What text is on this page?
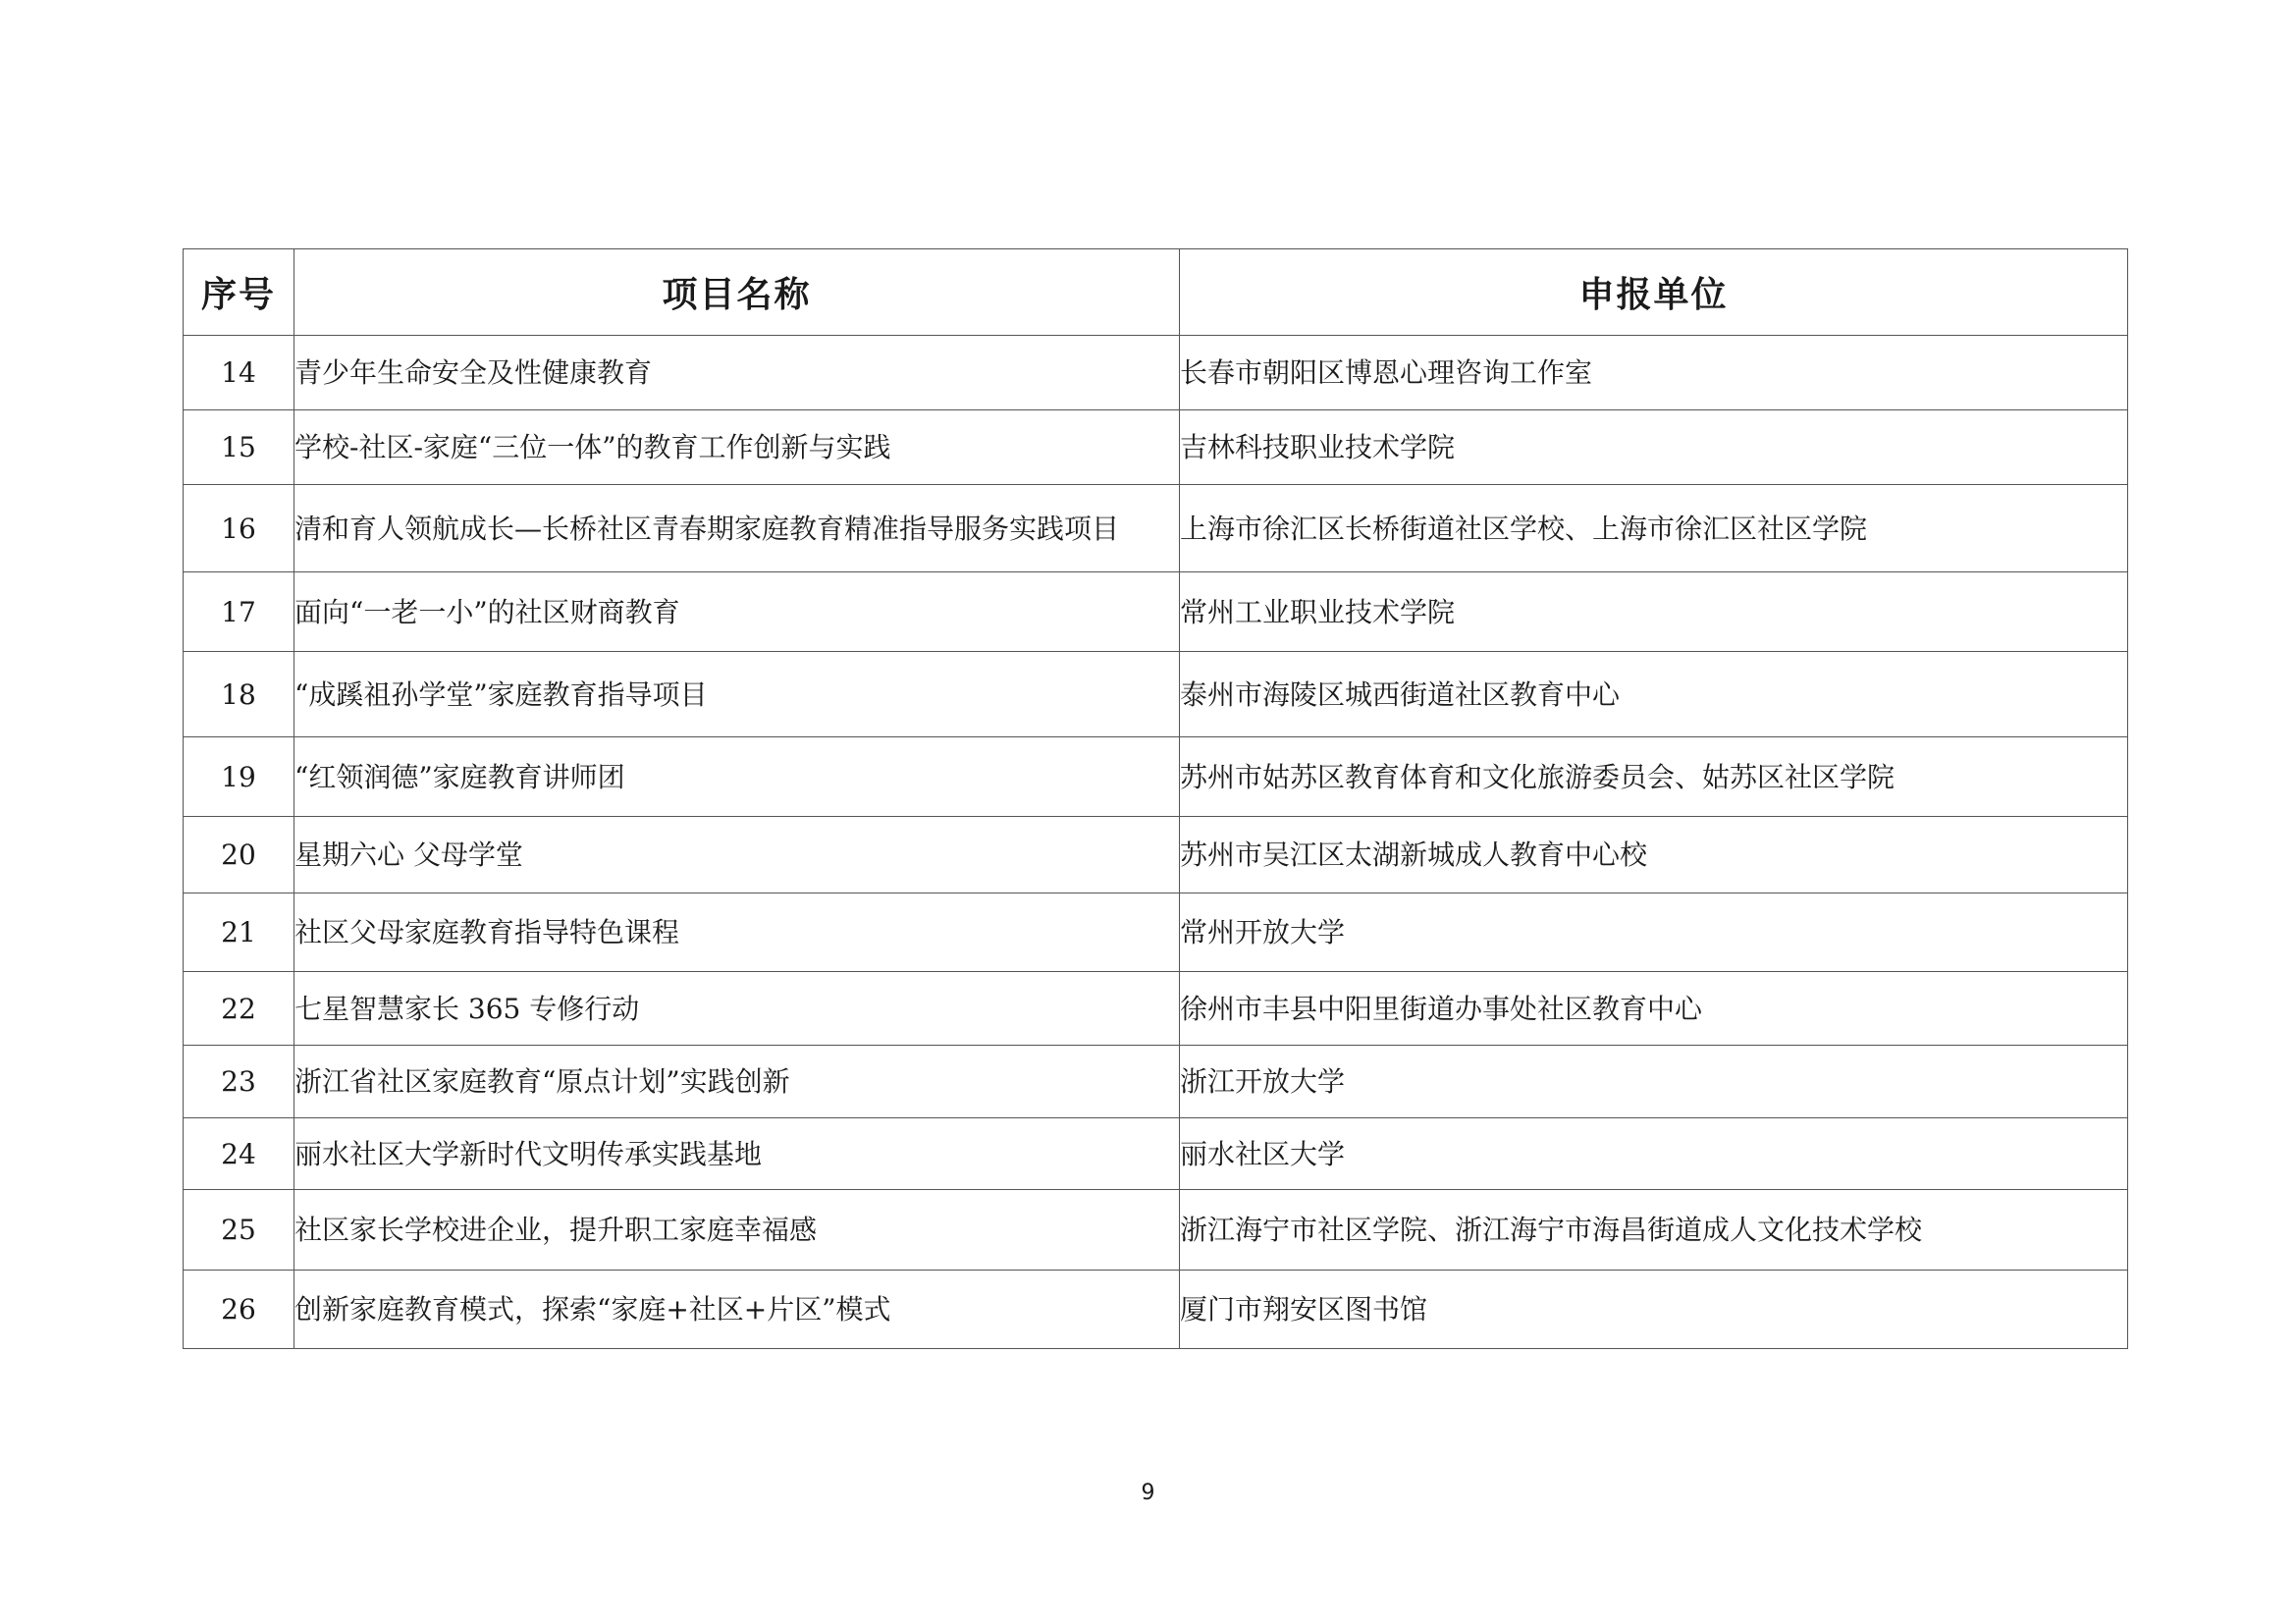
序号	项目名称	申报单位
14	青少年生命安全及性健康教育	长春市朝阳区博恩心理咨询工作室
15	学校-社区-家庭“三位一体”的教育工作创新与实践	吉林科技职业技术学院
16	清和育人领航成长—长桥社区青春期家庭教育精准指导服务实践项目	上海市徐汇区长桥街道社区学校、上海市徐汇区社区学院
17	面向“一老一小”的社区财商教育	常州工业职业技术学院
18	“成蹊祖孙学堂”家庭教育指导项目	泰州市海陵区城西街道社区教育中心
19	“红领润德”家庭教育讲师团	苏州市姑苏区教育体育和文化旅游委员会、姑苏区社区学院
20	星期六心 父母学堂	苏州市吴江区太湖新城成人教育中心校
21	社区父母家庭教育指导特色课程	常州开放大学
22	七星智慧家长 365 专修行动	徐州市丰县中阳里街道办事处社区教育中心
23	浙江省社区家庭教育“原点计划”实践创新	浙江开放大学
24	丽水社区大学新时代文明传承实践基地	丽水社区大学
25	社区家长学校进企业，提升职工家庭幸福感	浙江海宁市社区学院、浙江海宁市海昌街道成人文化技术学校
26	创新家庭教育模式，探索“家庭+社区+片区”模式	厦门市翔安区图书馆
9
